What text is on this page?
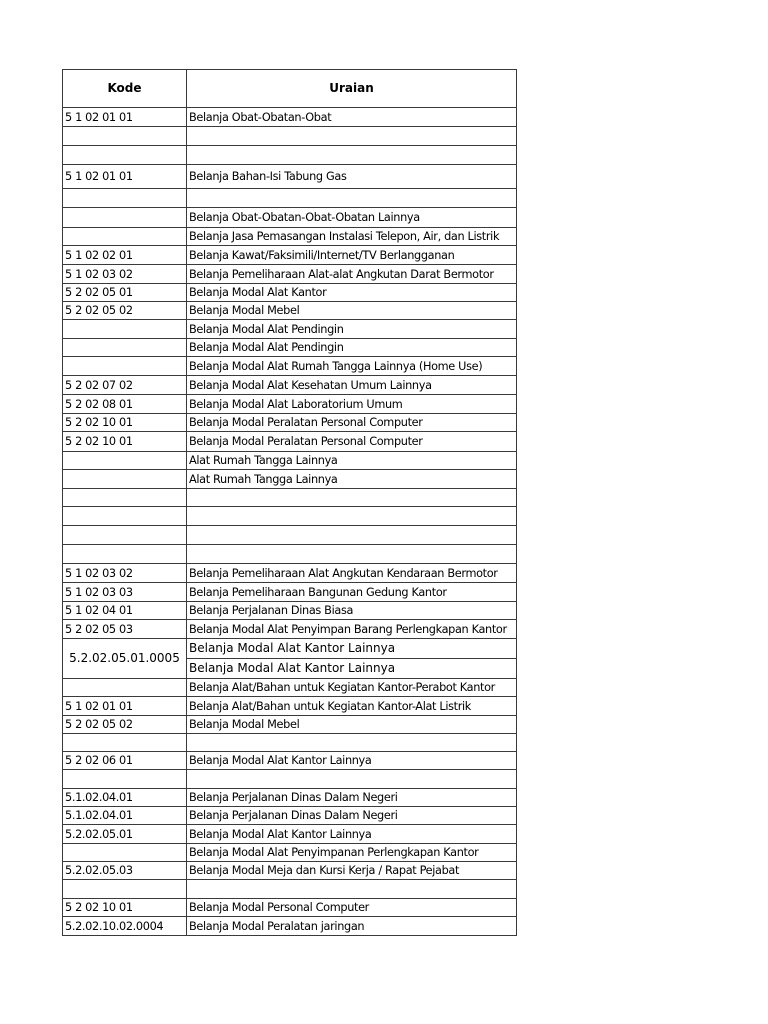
Kode	Uraian
5 1 02 01 01	Belanja Obat-Obatan-Obat

5 1 02 01 01	Belanja Bahan-Isi Tabung Gas

	Belanja Obat-Obatan-Obat-Obatan Lainnya
	Belanja Jasa Pemasangan Instalasi Telepon, Air, dan Listrik
5 1 02 02 01	Belanja Kawat/Faksimili/Internet/TV Berlangganan
5 1 02 03 02	Belanja Pemeliharaan Alat-alat Angkutan Darat Bermotor
5 2 02 05 01	Belanja Modal Alat Kantor
5 2 02 05 02	Belanja Modal Mebel
	Belanja Modal Alat Pendingin
	Belanja Modal Alat Pendingin
	Belanja Modal Alat Rumah Tangga Lainnya (Home Use)
5 2 02 07 02	Belanja Modal Alat Kesehatan Umum Lainnya
5 2 02 08 01	Belanja Modal Alat Laboratorium Umum
5 2 02 10 01	Belanja Modal Peralatan Personal Computer
5 2 02 10 01	Belanja Modal Peralatan Personal Computer
	Alat Rumah Tangga Lainnya
	Alat Rumah Tangga Lainnya

5 1 02 03 02	Belanja Pemeliharaan Alat Angkutan Kendaraan Bermotor
5 1 02 03 03	Belanja Pemeliharaan Bangunan Gedung Kantor
5 1 02 04 01	Belanja Perjalanan Dinas Biasa
5 2 02 05 03	Belanja Modal Alat Penyimpan Barang Perlengkapan Kantor
5.2.02.05.01.0005	Belanja Modal Alat Kantor Lainnya
	Belanja Modal Alat Kantor Lainnya
	Belanja Alat/Bahan untuk Kegiatan Kantor-Perabot Kantor
5 1 02 01 01	Belanja Alat/Bahan untuk Kegiatan Kantor-Alat Listrik
5 2 02 05 02	Belanja Modal Mebel

5 2 02 06 01	Belanja Modal Alat Kantor Lainnya

5.1.02.04.01	Belanja Perjalanan Dinas Dalam Negeri
5.1.02.04.01	Belanja Perjalanan Dinas Dalam Negeri
5.2.02.05.01	Belanja Modal Alat Kantor Lainnya
	Belanja Modal Alat Penyimpanan Perlengkapan Kantor
5.2.02.05.03	Belanja Modal Meja dan Kursi Kerja / Rapat Pejabat

5 2 02 10 01	Belanja Modal Personal Computer
5.2.02.10.02.0004	Belanja Modal Peralatan jaringan
